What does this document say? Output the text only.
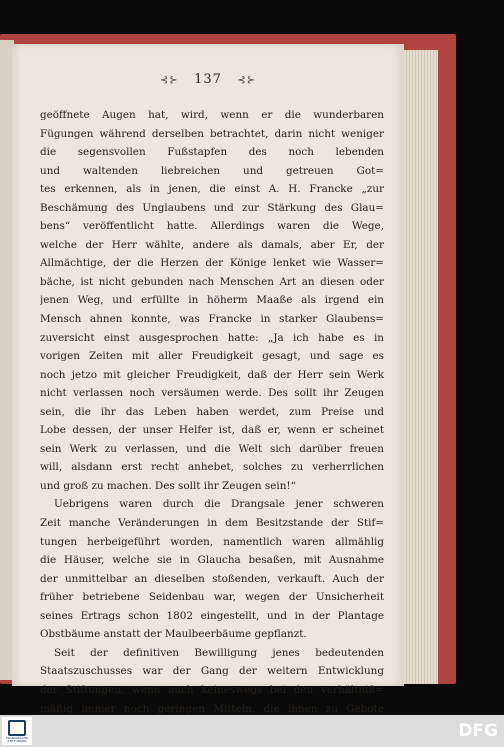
⊰⊱ 137 ⊰⊱
geöffnete Augen hat, wird, wenn er die wunderbaren
Fügungen während derselben betrachtet, darin nicht weniger
die segensvollen Fußstapfen des noch lebenden
und waltenden liebreichen und getreuen Got=
tes erkennen, als in jenen, die einst A. H. Francke „zur
Beschämung des Unglaubens und zur Stärkung des Glau=
bens“ veröffentlicht hatte. Allerdings waren die Wege,
welche der Herr wählte, andere als damals, aber Er, der
Allmächtige, der die Herzen der Könige lenket wie Wasser=
bäche, ist nicht gebunden nach Menschen Art an diesen oder
jenen Weg, und erfüllte in höherm Maaße als irgend ein
Mensch ahnen konnte, was Francke in starker Glaubens=
zuversicht einst ausgesprochen hatte: „Ja ich habe es in
vorigen Zeiten mit aller Freudigkeit gesagt, und sage es
noch jetzo mit gleicher Freudigkeit, daß der Herr sein Werk
nicht verlassen noch versäumen werde. Des sollt ihr Zeugen
sein, die ihr das Leben haben werdet, zum Preise und
Lobe dessen, der unser Helfer ist, daß er, wenn er scheinet
sein Werk zu verlassen, und die Welt sich darüber freuen
will, alsdann erst recht anhebet, solches zu verherrlichen
und groß zu machen. Des sollt ihr Zeugen sein!“
Uebrigens waren durch die Drangsale jener schweren
Zeit manche Veränderungen in dem Besitzstande der Stif=
tungen herbeigeführt worden, namentlich waren allmählig
die Häuser, welche sie in Glaucha besaßen, mit Ausnahme
der unmittelbar an dieselben stoßenden, verkauft. Auch der
früher betriebene Seidenbau war, wegen der Unsicherheit
seines Ertrags schon 1802 eingestellt, und in der Plantage
Obstbäume anstatt der Maulbeerbäume gepflanzt.
Seit der definitiven Bewilligung jenes bedeutenden
Staatszuschusses war der Gang der weitern Entwicklung
der Stiftungen, wenn auch keineswegs bei den verhältniß=
mäßig immer noch geringen Mitteln, die ihnen zu Gebote
FRANCKESCHE STIFTUNGEN	DFG
